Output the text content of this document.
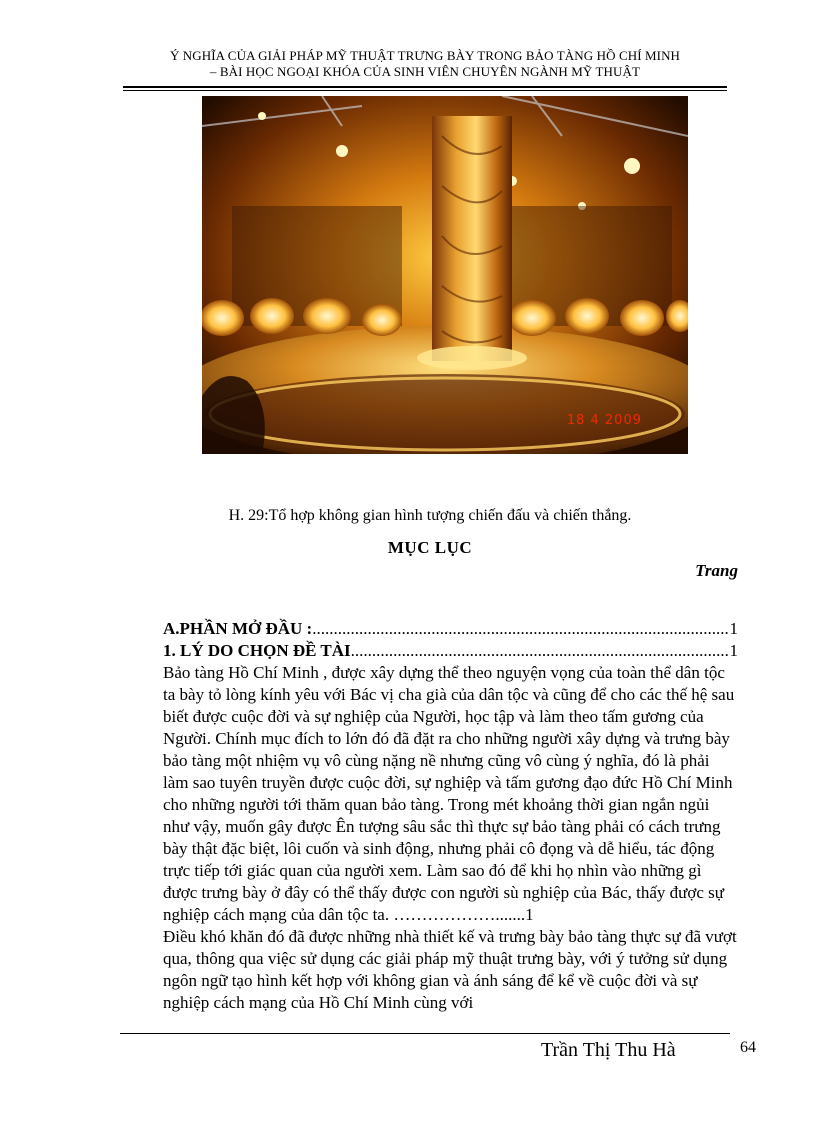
Ý NGHĨA CỦA GIẢI PHÁP MỸ THUẬT TRƯNG BÀY TRONG BẢO TÀNG HỒ CHÍ MINH
– BÀI HỌC NGOẠI KHÓA CỦA SINH VIÊN CHUYÊN NGÀNH MỸ THUẬT
18 4 2009
H. 29:Tổ hợp không gian hình tượng chiến đấu và chiến thắng.
MỤC LỤC
Trang
A.PHẦN MỞ ĐẦU : .....	1
1. LÝ DO CHỌN ĐỀ TÀI .....	1

Bảo tàng Hồ Chí Minh , được xây dựng thể theo nguyện vọng của toàn thể dân tộc ta bày tỏ lòng kính yêu với Bác vị cha già của dân tộc và cũng để cho các thế hệ sau biết được cuộc đời và sự nghiệp của Người, học tập và làm theo tấm gương của Người. Chính mục đích to lớn đó đã đặt ra cho những người xây dựng và trưng bày bảo tàng một nhiệm vụ vô cùng nặng nề nhưng cũng vô cùng ý nghĩa, đó là phải làm sao tuyên truyền được cuộc đời, sự nghiệp và tấm gương đạo đức Hồ Chí Minh cho những người tới thăm quan bảo tàng. Trong mét khoảng thời gian ngắn ngủi như vậy, muốn gây được Ên tượng sâu sắc thì thực sự bảo tàng phải có cách trưng bày thật đặc biệt, lôi cuốn và sinh động, nhưng phải cô đọng và dễ hiểu, tác động trực tiếp tới giác quan của người xem. Làm sao đó để khi họ nhìn vào những gì được trưng bày ở đây có thể thấy được con người sù nghiệp của Bác, thấy được sự nghiệp cách mạng của dân tộc ta. ……………….......1

Điều khó khăn đó đã được những nhà thiết kế và trưng bày bảo tàng thực sự đã vượt qua, thông qua việc sử dụng các giải pháp mỹ thuật trưng bày, với ý tưởng sử dụng ngôn ngữ tạo hình kết hợp với không gian và ánh sáng để kể về cuộc đời và sự nghiệp cách mạng của Hồ Chí Minh cùng với

Trần Thị Thu Hà	64
